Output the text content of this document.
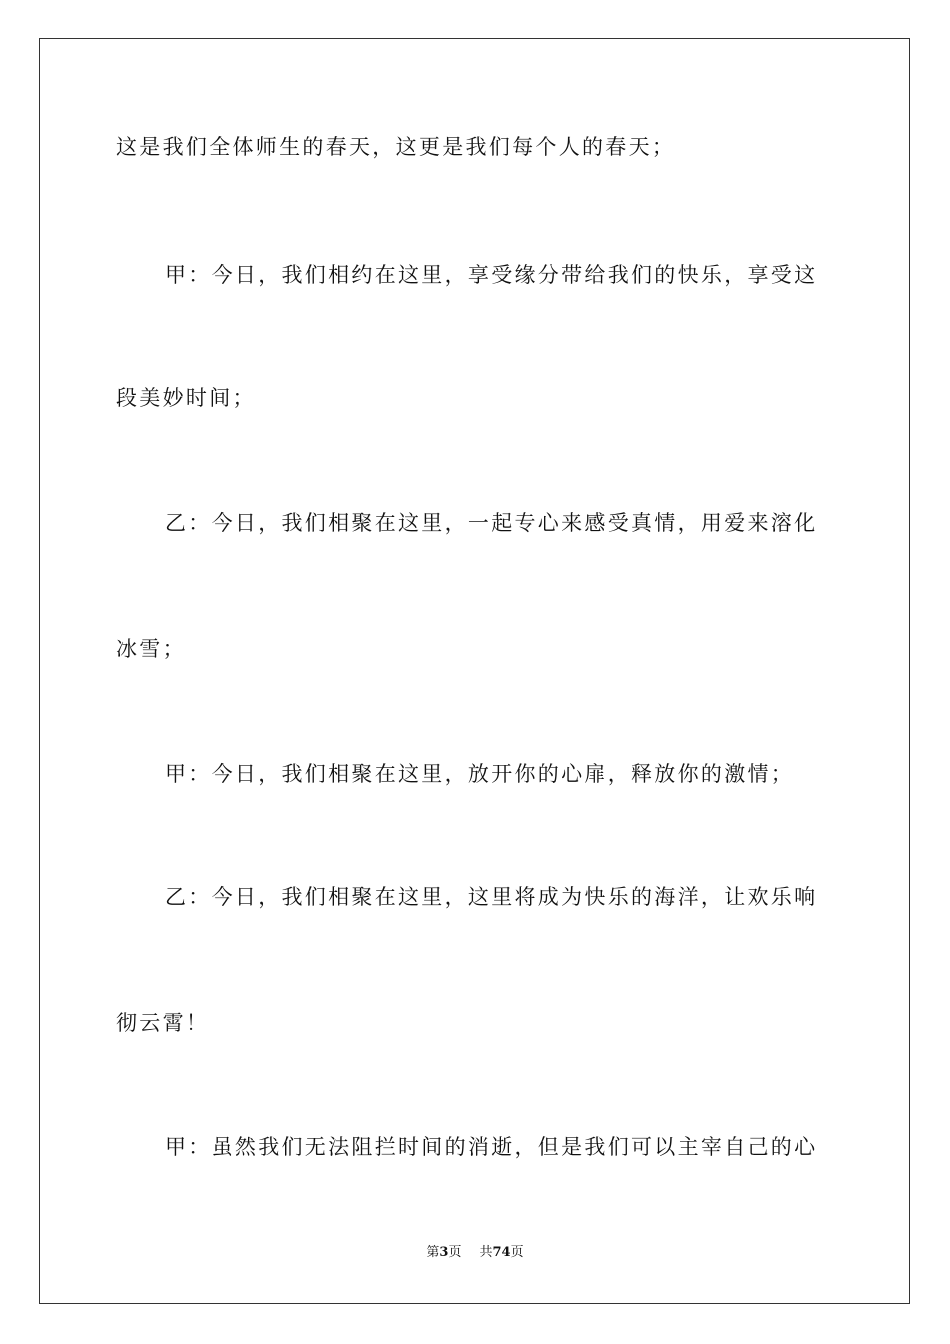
这是我们全体师生的春天，这更是我们每个人的春天；
甲：今日，我们相约在这里，享受缘分带给我们的快乐，享受这
段美妙时间；
乙：今日，我们相聚在这里，一起专心来感受真情，用爱来溶化
冰雪；
甲：今日，我们相聚在这里，放开你的心扉，释放你的激情；
乙：今日，我们相聚在这里，这里将成为快乐的海洋，让欢乐响
彻云霄！
甲：虽然我们无法阻拦时间的消逝，但是我们可以主宰自己的心
第3页 共74页
